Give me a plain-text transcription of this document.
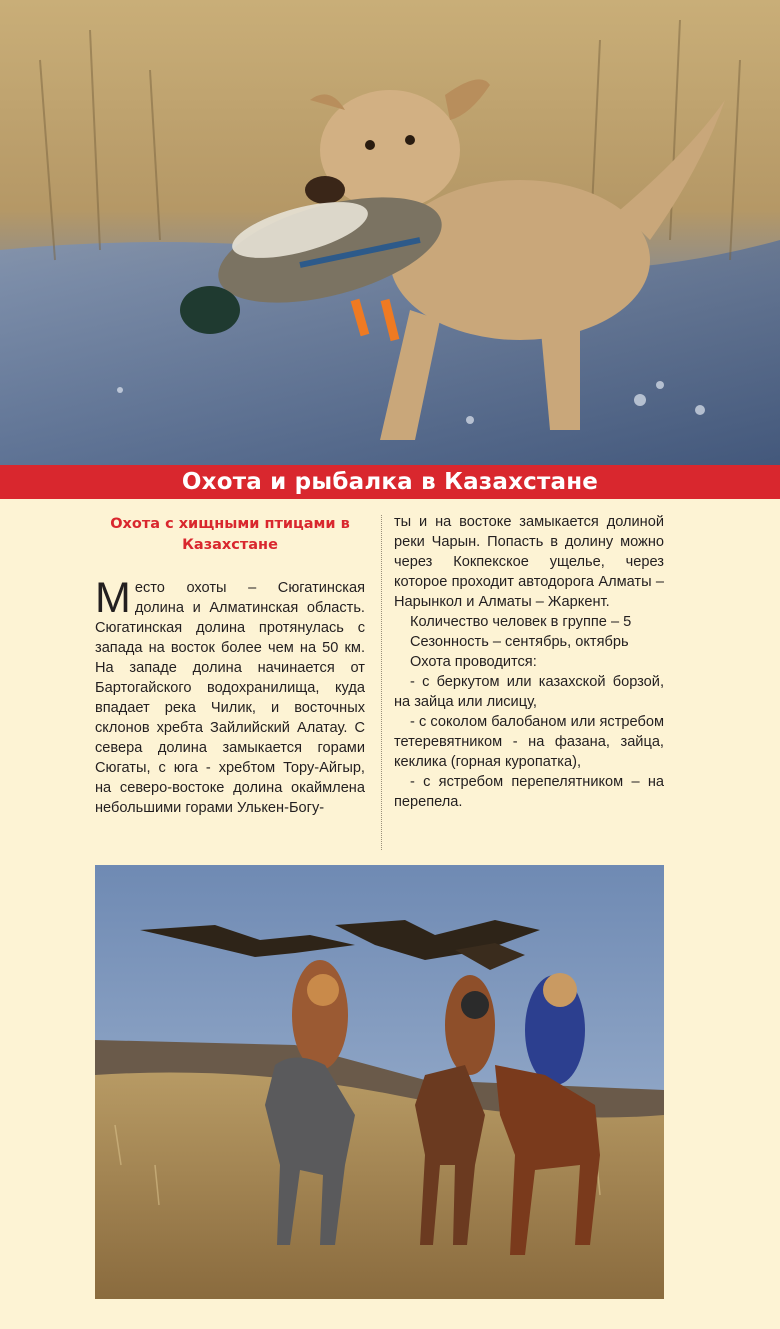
Охота и рыбалка в Казахстане
Охота с хищными птицами в
Казахстане

Место охоты – Сюгатинская долина и Алматинская область. Сюгатинская долина протянулась с запада на восток более чем на 50 км. На западе долина начинается от Бартогайского водохранилища, куда впадает река Чилик, и восточных склонов хребта Зайлийский Алатау. С севера долина замыкается горами Сюгаты, с юга - хребтом Тору-Айгыр, на северо-востоке долина окаймлена небольшими горами Улькен-Богу-

ты и на востоке замыкается долиной реки Чарын. Попасть в долину можно через Кокпекское ущелье, через которое проходит автодорога Алматы – Нарынкол и Алматы – Жаркент.

Количество человек в группе – 5

Сезонность – сентябрь, октябрь

Охота проводится:

- с беркутом или казахской борзой, на зайца или лисицу,

- с соколом балобаном или ястребом тетеревятником - на фазана, зайца, кеклика (горная куропатка),

- с ястребом перепелятником – на перепела.
